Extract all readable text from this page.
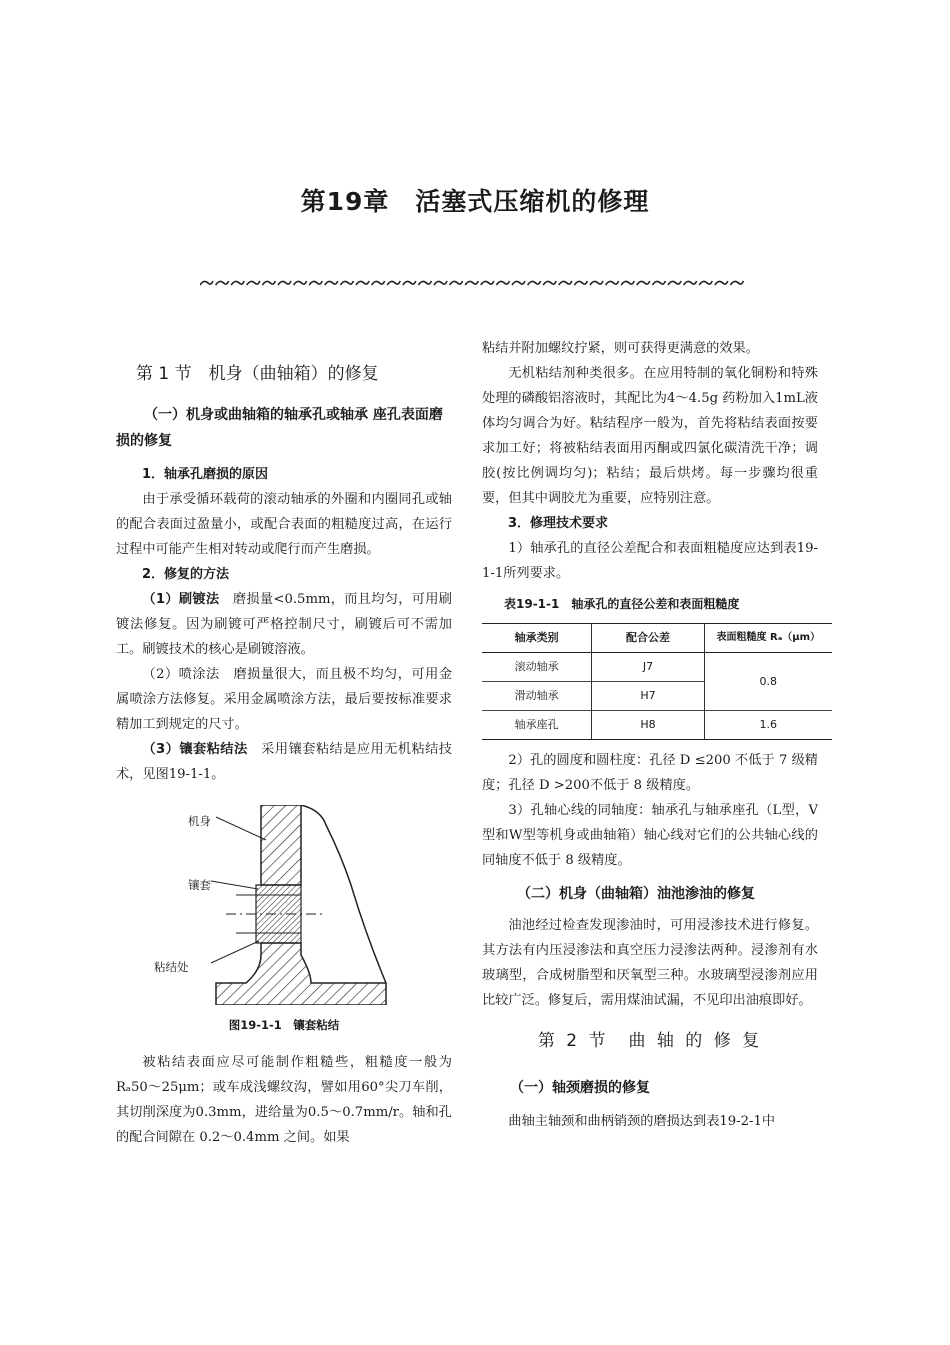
第19章　活塞式压缩机的修理

第 1 节　机身（曲轴箱）的修复

（一）机身或曲轴箱的轴承孔或轴承 座孔表面磨损的修复

1．轴承孔磨损的原因

由于承受循环载荷的滚动轴承的外圈和内圈同孔或轴的配合表面过盈量小，或配合表面的粗糙度过高，在运行过程中可能产生相对转动或爬行而产生磨损。

2．修复的方法

（1）刷镀法　磨损量<0.5mm，而且均匀，可用刷镀法修复。因为刷镀可严格控制尺寸，刷镀后可不需加工。刷镀技术的核心是刷镀溶液。

（2）喷涂法　磨损量很大，而且极不均匀，可用金属喷涂方法修复。采用金属喷涂方法，最后要按标准要求精加工到规定的尺寸。

（3）镶套粘结法　采用镶套粘结是应用无机粘结技术，见图19-1-1。

机身
镶套
粘结处

图19-1-1　镶套粘结

被粘结表面应尽可能制作粗糙些，粗糙度一般为 Rₐ50～25μm；或车成浅螺纹沟，譬如用60°尖刀车削，其切削深度为0.3mm，进给量为0.5～0.7mm/r。轴和孔的配合间隙在 0.2～0.4mm 之间。如果

粘结并附加螺纹拧紧，则可获得更满意的效果。

无机粘结剂种类很多。在应用特制的氧化铜粉和特殊处理的磷酸铝溶液时，其配比为4～4.5g 药粉加入1mL液体均匀调合为好。粘结程序一般为，首先将粘结表面按要求加工好；将被粘结表面用丙酮或四氯化碳清洗干净；调胶(按比例调均匀)；粘结；最后烘烤。每一步骤均很重要，但其中调胶尤为重要，应特别注意。

3．修理技术要求

1）轴承孔的直径公差配合和表面粗糙度应达到表19-1-1所列要求。

表19-1-1　轴承孔的直径公差和表面粗糙度

轴承类别	配合公差	表面粗糙度 Rₐ（μm）
滚动轴承	J7	0.8
滑动轴承	H7	
轴承座孔	H8	1.6

2）孔的圆度和圆柱度：孔径 D ≤200 不低于 7 级精度；孔径 D >200不低于 8 级精度。

3）孔轴心线的同轴度：轴承孔与轴承座孔（L型，V型和W型等机身或曲轴箱）轴心线对它们的公共轴心线的同轴度不低于 8 级精度。

（二）机身（曲轴箱）油池渗油的修复

油池经过检查发现渗油时，可用浸渗技术进行修复。其方法有内压浸渗法和真空压力浸渗法两种。浸渗剂有水玻璃型，合成树脂型和厌氧型三种。水玻璃型浸渗剂应用比较广泛。修复后，需用煤油试漏，不见印出油痕即好。

第 2 节　曲 轴 的 修 复

（一）轴颈磨损的修复

曲轴主轴颈和曲柄销颈的磨损达到表19-2-1中
